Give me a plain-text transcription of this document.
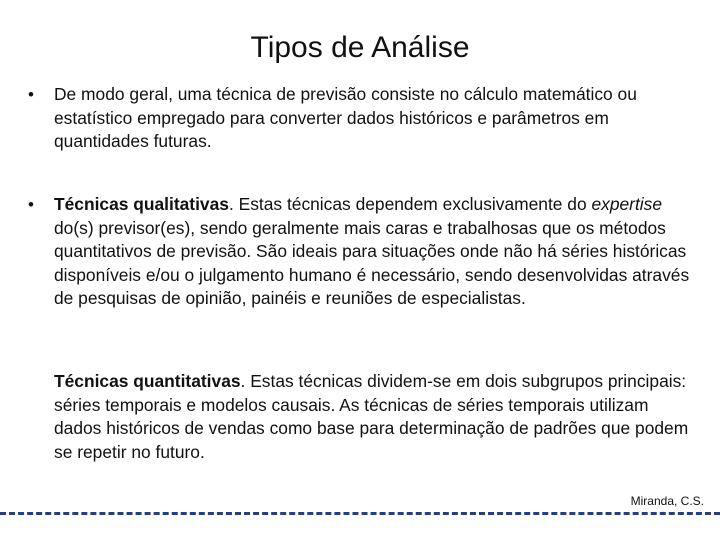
Tipos de Análise
•	De modo geral, uma técnica de previsão consiste no cálculo matemático ou estatístico empregado para converter dados históricos e parâmetros em quantidades futuras.
•	Técnicas qualitativas. Estas técnicas dependem exclusivamente do expertise do(s) previsor(es), sendo geralmente mais caras e trabalhosas que os métodos quantitativos de previsão. São ideais para situações onde não há séries históricas disponíveis e/ou o julgamento humano é necessário, sendo desenvolvidas através de pesquisas de opinião, painéis e reuniões de especialistas.
Técnicas quantitativas. Estas técnicas dividem-se em dois subgrupos principais: séries temporais e modelos causais. As técnicas de séries temporais utilizam dados históricos de vendas como base para determinação de padrões que podem se repetir no futuro.
Miranda, C.S.
